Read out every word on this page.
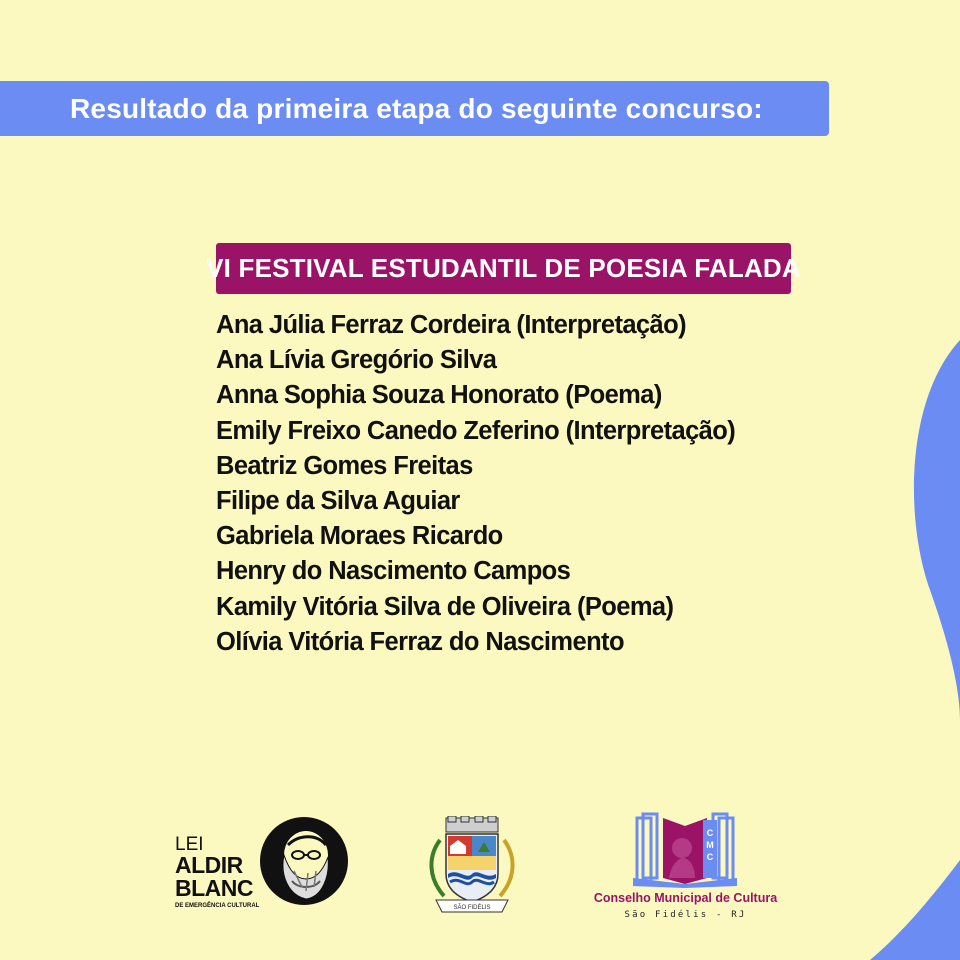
Resultado da primeira etapa do seguinte concurso:
VI FESTIVAL ESTUDANTIL DE POESIA FALADA
Ana Júlia Ferraz Cordeira (Interpretação)
Ana Lívia Gregório Silva
Anna Sophia Souza Honorato (Poema)
Emily Freixo Canedo Zeferino (Interpretação)
Beatriz Gomes Freitas
Filipe da Silva Aguiar
Gabriela Moraes Ricardo
Henry do Nascimento Campos
Kamily Vitória Silva de Oliveira (Poema)
Olívia Vitória Ferraz do Nascimento
LEI
ALDIR
BLANC
DE EMERGÊNCIA CULTURAL	SÃO FIDÉLIS
C
M
C
Conselho Municipal de Cultura
São Fidélis - RJ
